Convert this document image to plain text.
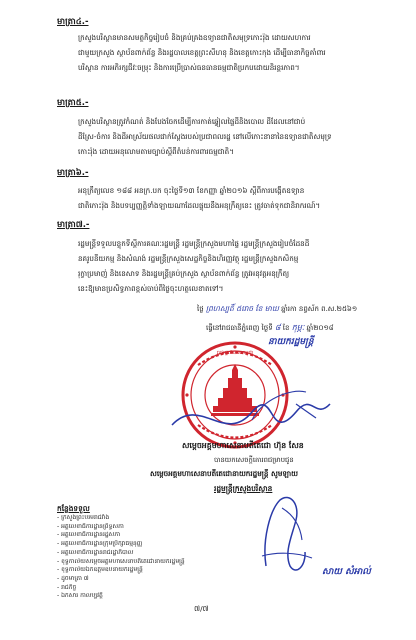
មាត្រា៤.-
ក្រសួងបរិស្ថានមានសមត្ថកិច្ចរៀបចំ និងគ្រប់គ្រងឧទ្យានជាតិសមុទ្រកោះរ៉ុង ដោយសហការ
ជាមួយក្រសួង ស្ថាប័នពាក់ព័ន្ធ និងរដ្ឋបាលខេត្តព្រះសីហនុ និងខេត្តកោះកុង ដើម្បីធានាកិច្ចគាំពារ
បរិស្ថាន ការអភិរក្សជីវៈចម្រុះ និងការប្រើប្រាស់ធនធានធម្មជាតិប្រកបដោយនិរន្តរភាព។
មាត្រា៥.-
ក្រសួងបរិស្ថានត្រូវកំណត់ និងបែងចែកដើម្បីការកាត់ឆ្វៀលផ្ទៃដីនិងបោល ដីដែលនៅជាប់
ដីស្រែ-ចំការ និងដីអាស្រ័យផលជាក់ស្ដែងរបស់ប្រជាពលរដ្ឋ នៅលើកោះនានានៃឧទ្យានជាតិសមុទ្រ
កោះរ៉ុង ដោយអនុលោមតាមច្បាប់ស្ដីពីតំបន់ការពារធម្មជាតិ។
មាត្រា៦.-
អនុក្រឹត្យលេខ ១៨៨ អនក្រ.បក ចុះថ្ងៃទី១៣ ខែកញ្ញា ឆ្នាំ២០១៦ ស្ដីពីការបង្កើតឧទ្យាន
ជាតិកោះរ៉ុង និងបទប្បញ្ញត្តិទាំងឡាយណាដែលផ្ទុយនឹងអនុក្រឹត្យនេះ ត្រូវចាត់ទុកជានិរាករណ៍។
មាត្រា៧.-
រដ្ឋមន្ត្រីទទួលបន្ទុកទីស្ដីការគណៈរដ្ឋមន្ត្រី រដ្ឋមន្ត្រីក្រសួងមហាផ្ទៃ រដ្ឋមន្ត្រីក្រសួងរៀបចំដែនដី
នគរូបនីយកម្ម និងសំណង់ រដ្ឋមន្ត្រីក្រសួងសេដ្ឋកិច្ចនិងហិរញ្ញវត្ថុ រដ្ឋមន្ត្រីក្រសួងកសិកម្ម
រុក្ខាប្រមាញ់ និងនេសាទ និងរដ្ឋមន្ត្រីគ្រប់ក្រសួង ស្ថាប័នពាក់ព័ន្ធ ត្រូវអនុវត្តអនុក្រឹត្យ
នេះឱ្យមានប្រសិទ្ធភាពខ្ពស់ចាប់ពីថ្ងៃចុះហត្ថលេខាតទៅ។
ថ្ងៃ ព្រហស្បតិ៍ ៥រោច ខែ មាឃ ឆ្នាំរកា នព្វស័ក ព.ស.២៥៦១
ធ្វើនៅរាជធានីភ្នំពេញ ថ្ងៃទី ៨ ខែ កុម្ភៈ ឆ្នាំ២០១៨
នាយករដ្ឋមន្ត្រី
រាជរដ្ឋាភិបាលកម្ពុជា
សម្ដេចអគ្គមហាសេនាបតីតេជោ ហ៊ុន សែន
បានយកសេចក្ដីគោរពជម្រាបជូន
សម្ដេចអគ្គមហាសេនាបតីតេជោនាយករដ្ឋមន្ត្រី សូមឡាយ
រដ្ឋមន្ត្រីក្រសួងបរិស្ថាន
កន្លែងទទួល
- ក្រសួងព្រះបរមរាជវាំង
- អគ្គលេខាធិការដ្ឋានព្រឹទ្ធសភា
- អគ្គលេខាធិការដ្ឋានរដ្ឋសភា
- អគ្គលេខាធិការដ្ឋានក្រុមប្រឹក្សាធម្មនុញ្ញ
- អគ្គលេខាធិការដ្ឋានរាជរដ្ឋាភិបាល
- ខុទ្ទកាល័យសម្ដេចអគ្គមហាសេនាបតីតេជោនាយករដ្ឋមន្ត្រី
- ខុទ្ទកាល័យឯកឧត្ដមឧបនាយករដ្ឋមន្ត្រី
- ដូចមាត្រា ៧
- រាជកិច្ច
- ឯកសារ កាលប្បវត្តិ
សាយ សំអាល់
៧/៧
